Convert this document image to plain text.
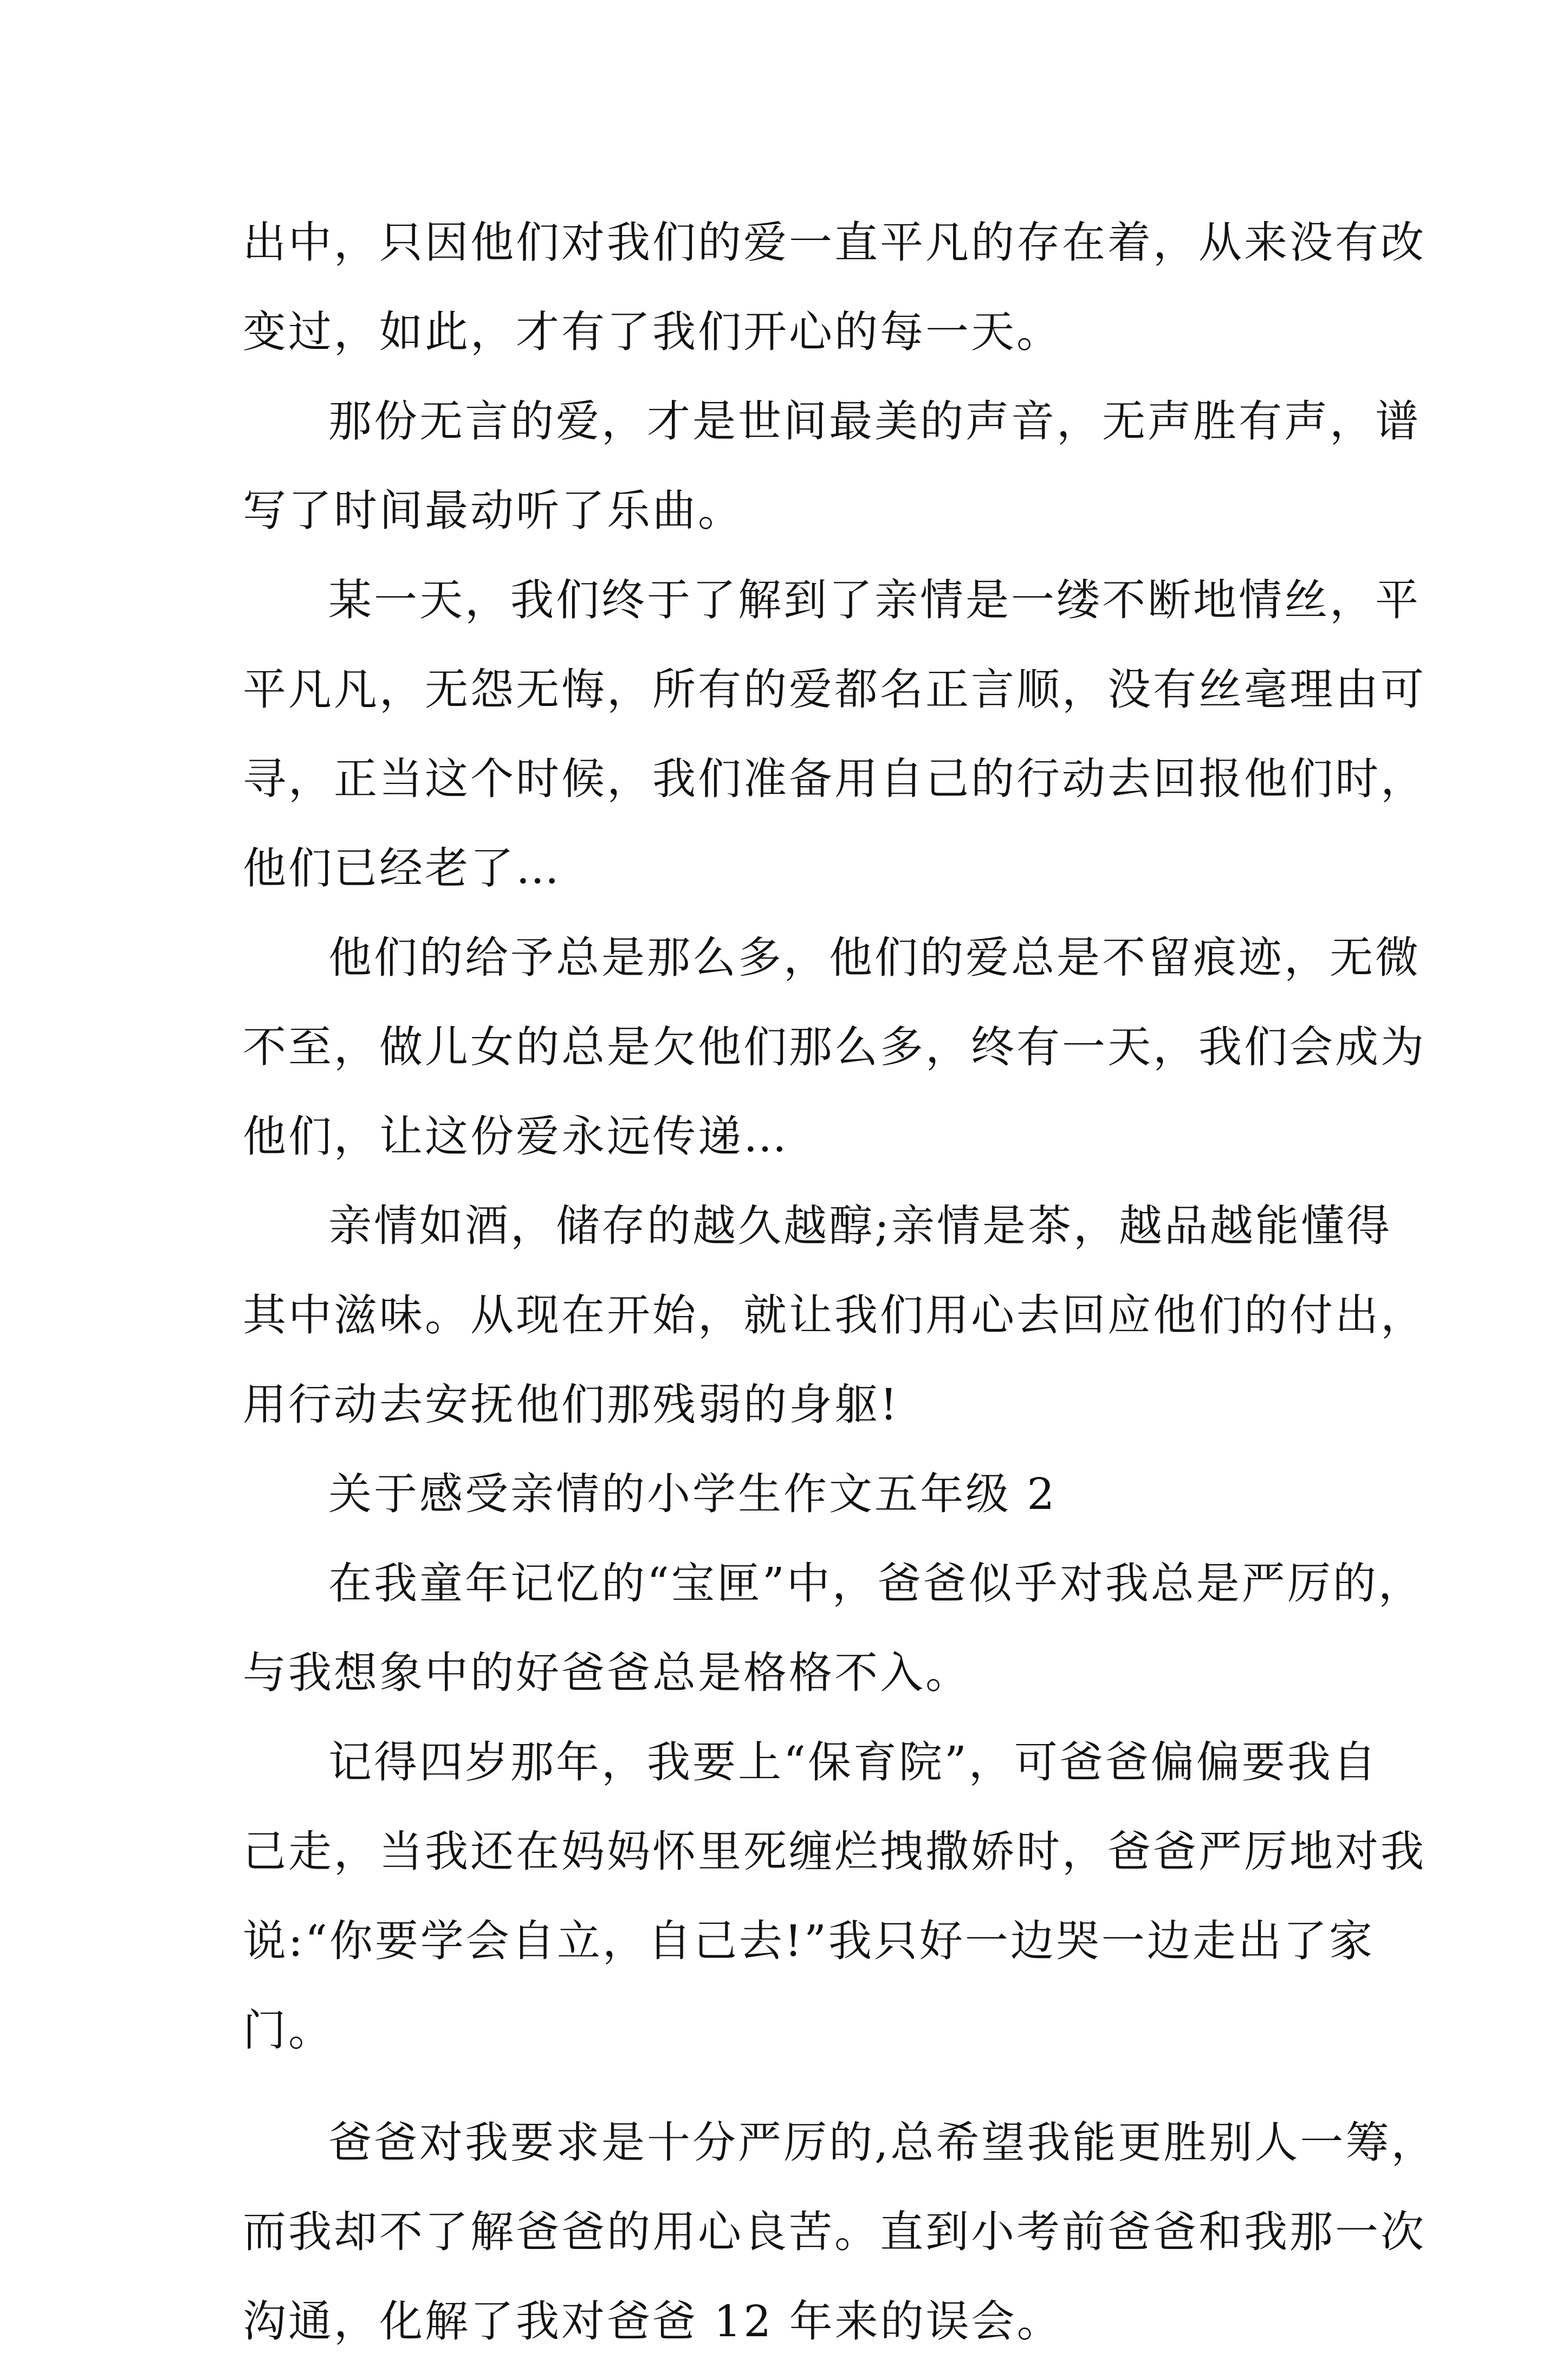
出中，只因他们对我们的爱一直平凡的存在着，从来没有改
变过，如此，才有了我们开心的每一天。
那份无言的爱，才是世间最美的声音，无声胜有声，谱
写了时间最动听了乐曲。
某一天，我们终于了解到了亲情是一缕不断地情丝，平
平凡凡，无怨无悔，所有的爱都名正言顺，没有丝毫理由可
寻，正当这个时候，我们准备用自己的行动去回报他们时，
他们已经老了…
他们的给予总是那么多，他们的爱总是不留痕迹，无微
不至，做儿女的总是欠他们那么多，终有一天，我们会成为
他们，让这份爱永远传递…
亲情如酒，储存的越久越醇;亲情是茶，越品越能懂得
其中滋味。从现在开始，就让我们用心去回应他们的付出，
用行动去安抚他们那残弱的身躯!
关于感受亲情的小学生作文五年级 2
在我童年记忆的“宝匣”中，爸爸似乎对我总是严厉的，
与我想象中的好爸爸总是格格不入。
记得四岁那年，我要上“保育院”，可爸爸偏偏要我自
己走，当我还在妈妈怀里死缠烂拽撒娇时，爸爸严厉地对我
说:“你要学会自立，自己去!”我只好一边哭一边走出了家
门。
爸爸对我要求是十分严厉的,总希望我能更胜别人一筹，
而我却不了解爸爸的用心良苦。直到小考前爸爸和我那一次
沟通，化解了我对爸爸 12 年来的误会。
